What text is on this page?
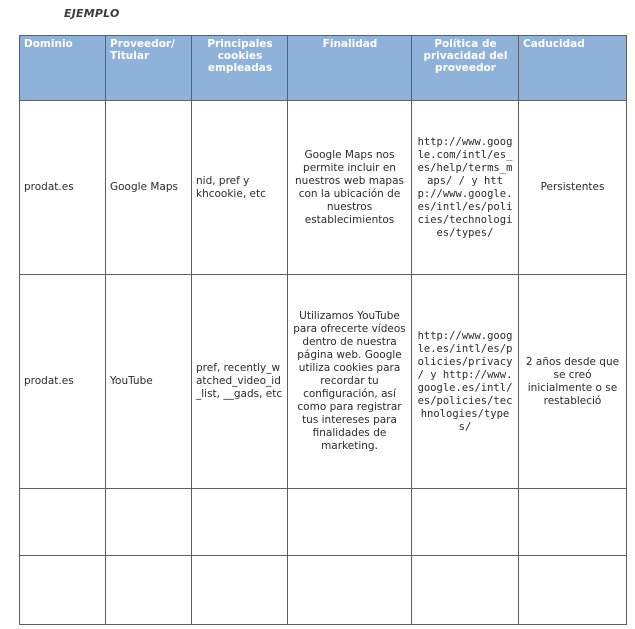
EJEMPLO
Dominio	Proveedor/ Titular	Principales cookies empleadas	Finalidad	Política de privacidad del proveedor	Caducidad
prodat.es	Google Maps	nid, pref y khcookie, etc	Google Maps nos permite incluir en nuestros web mapas con la ubicación de nuestros establecimientos	http://www.google.com/intl/es_es/help/terms_maps/ / y http://www.google.es/intl/es/policies/technologies/types/	Persistentes
prodat.es	YouTube	pref, recently_watched_video_id_list, __gads, etc	Utilizamos YouTube para ofrecerte vídeos dentro de nuestra página web. Google utiliza cookies para recordar tu configuración, así como para registrar tus intereses para finalidades de marketing.	http://www.google.es/intl/es/policies/privacy / y http://www.google.es/intl/es/policies/technologies/types/	2 años desde que se creó inicialmente o se restableció
